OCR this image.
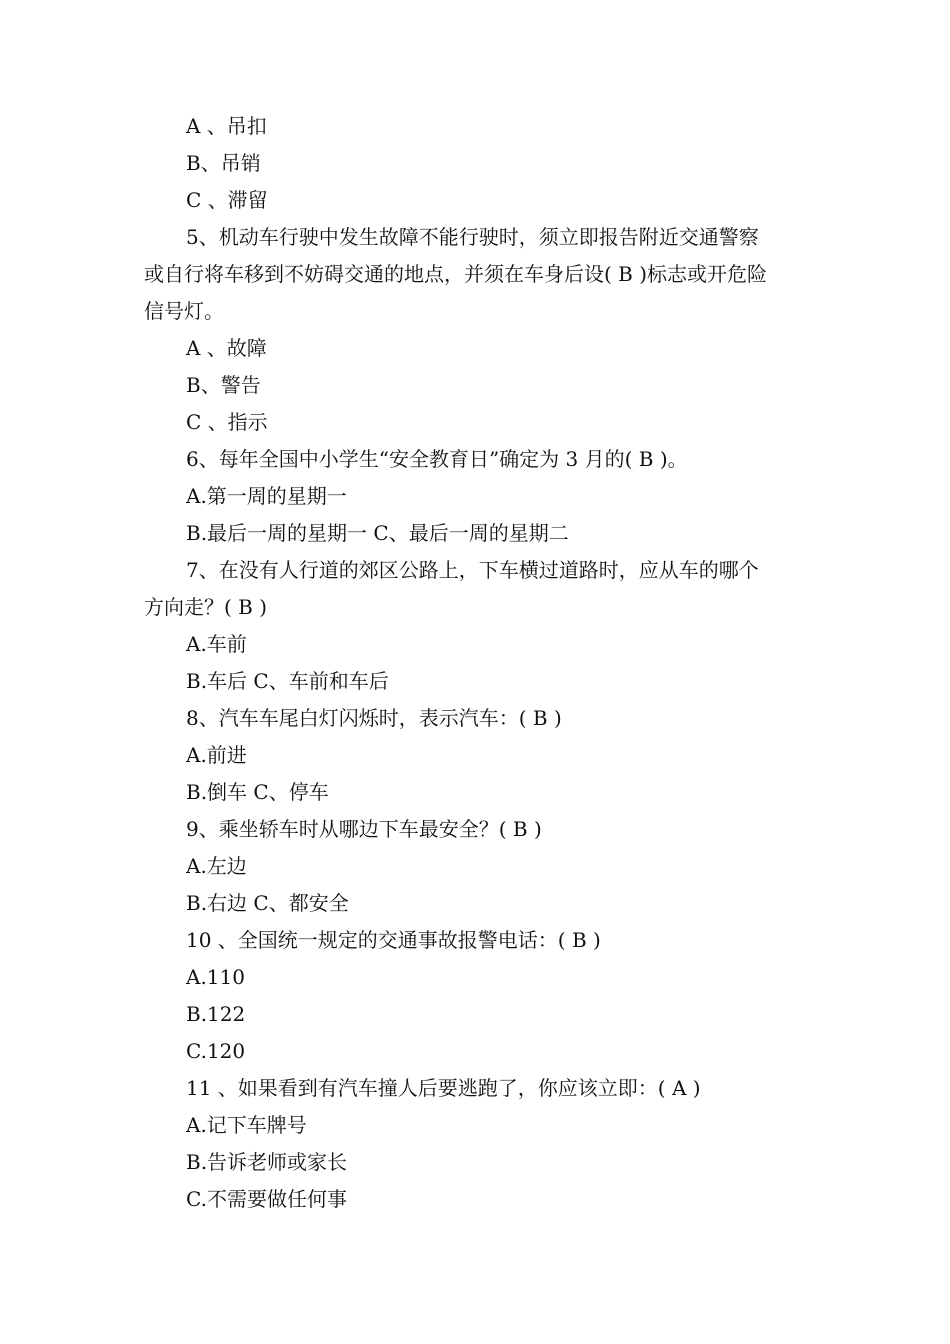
A 、吊扣
B、吊销
C 、滞留
5、机动车行驶中发生故障不能行驶时，须立即报告附近交通警察
或自行将车移到不妨碍交通的地点，并须在车身后设( B )标志或开危险
信号灯。
A 、故障
B、警告
C 、指示
6、每年全国中小学生“安全教育日”确定为 3 月的( B )。
A.第一周的星期一
B.最后一周的星期一 C、最后一周的星期二
7、在没有人行道的郊区公路上，下车横过道路时，应从车的哪个
方向走？( B )
A.车前
B.车后 C、车前和车后
8、汽车车尾白灯闪烁时，表示汽车：( B )
A.前进
B.倒车 C、停车
9、乘坐轿车时从哪边下车最安全？( B )
A.左边
B.右边 C、都安全
10 、全国统一规定的交通事故报警电话：( B )
A.110
B.122
C.120
11 、如果看到有汽车撞人后要逃跑了，你应该立即：( A )
A.记下车牌号
B.告诉老师或家长
C.不需要做任何事
